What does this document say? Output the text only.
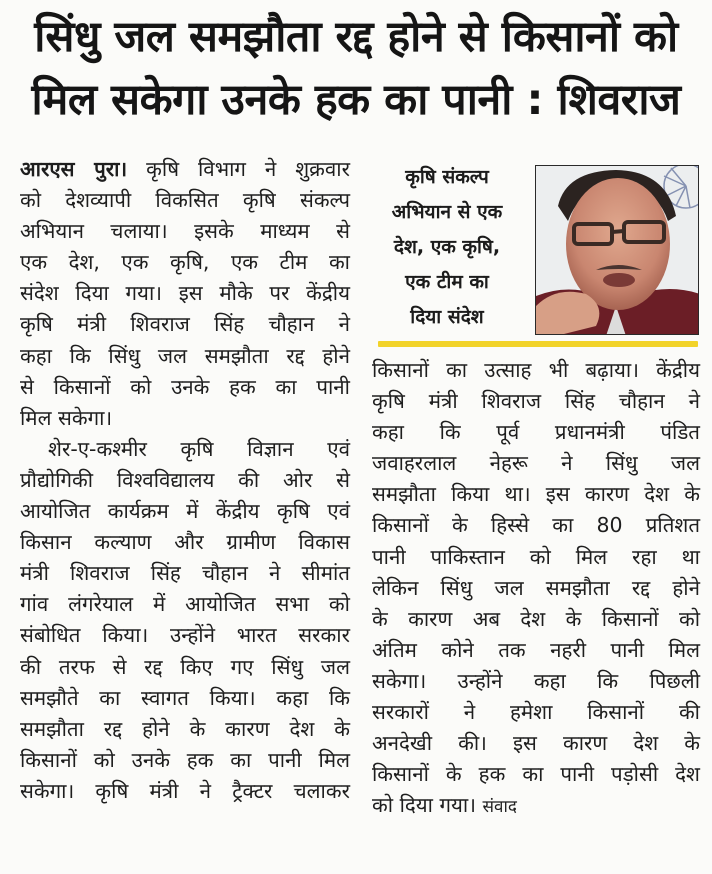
सिंधु जल समझौता रद्द होने से किसानों को
मिल सकेगा उनके हक का पानी : शिवराज
आरएस पुरा। कृषि विभाग ने शुक्रवार
को देशव्यापी विकसित कृषि संकल्प
अभियान चलाया। इसके माध्यम से
एक देश, एक कृषि, एक टीम का
संदेश दिया गया। इस मौके पर केंद्रीय
कृषि मंत्री शिवराज सिंह चौहान ने
कहा कि सिंधु जल समझौता रद्द होने
से किसानों को उनके हक का पानी
मिल सकेगा।
शेर-ए-कश्मीर कृषि विज्ञान एवं
प्रौद्योगिकी विश्वविद्यालय की ओर से
आयोजित कार्यक्रम में केंद्रीय कृषि एवं
किसान कल्याण और ग्रामीण विकास
मंत्री शिवराज सिंह चौहान ने सीमांत
गांव लंगरेयाल में आयोजित सभा को
संबोधित किया। उन्होंने भारत सरकार
की तरफ से रद्द किए गए सिंधु जल
समझौते का स्वागत किया। कहा कि
समझौता रद्द होने के कारण देश के
किसानों को उनके हक का पानी मिल
सकेगा। कृषि मंत्री ने ट्रैक्टर चलाकर
कृषि संकल्प
अभियान से एक
देश, एक कृषि,
एक टीम का
दिया संदेश
किसानों का उत्साह भी बढ़ाया। केंद्रीय
कृषि मंत्री शिवराज सिंह चौहान ने
कहा कि पूर्व प्रधानमंत्री पंडित
जवाहरलाल नेहरू ने सिंधु जल
समझौता किया था। इस कारण देश के
किसानों के हिस्से का 80 प्रतिशत
पानी पाकिस्तान को मिल रहा था
लेकिन सिंधु जल समझौता रद्द होने
के कारण अब देश के किसानों को
अंतिम कोने तक नहरी पानी मिल
सकेगा। उन्होंने कहा कि पिछली
सरकारों ने हमेशा किसानों की
अनदेखी की। इस कारण देश के
किसानों के हक का पानी पड़ोसी देश
को दिया गया। संवाद
